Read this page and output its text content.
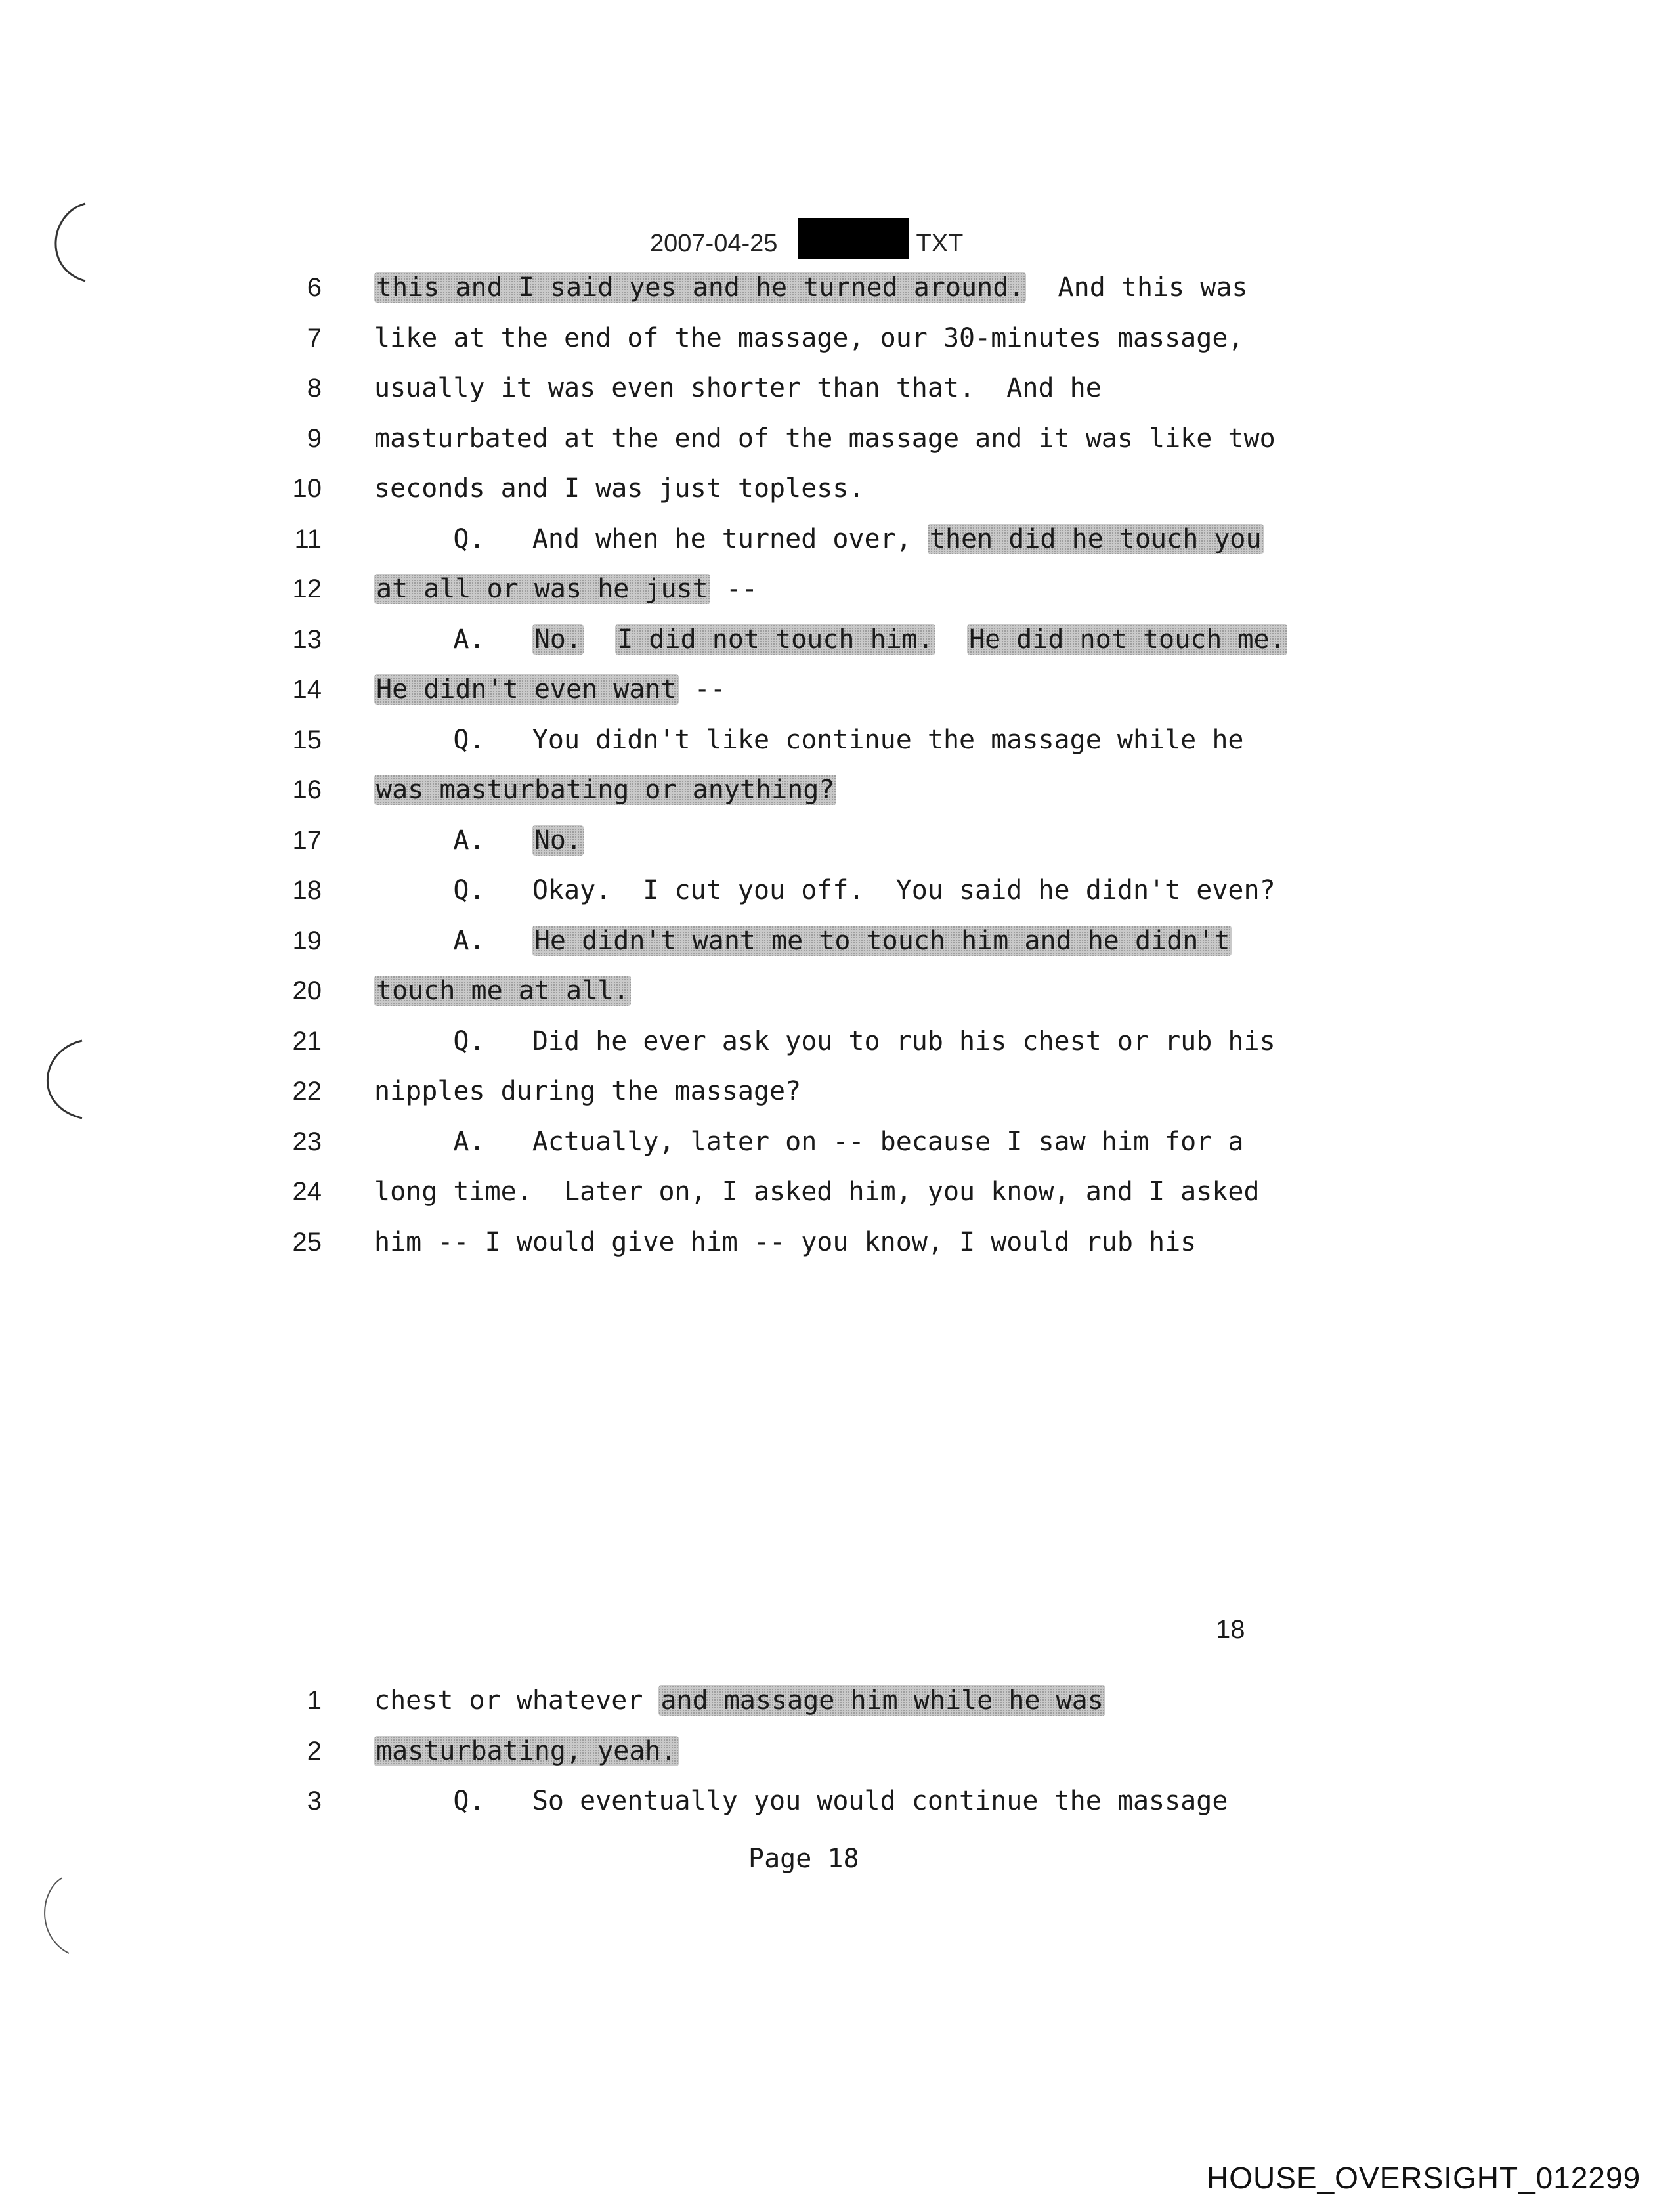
2007-04-25	TXT
6 this and I said yes and he turned around.  And this was
7 like at the end of the massage, our 30-minutes massage,
8 usually it was even shorter than that.  And he
9 masturbated at the end of the massage and it was like two
10 seconds and I was just topless.
11 Q.   And when he turned over, then did he touch you
12 at all or was he just --
13 A.   No. I did not touch him. He did not touch me.
14 He didn't even want --
15 Q.   You didn't like continue the massage while he
16 was masturbating or anything?
17 A.   No.
18 Q.   Okay.  I cut you off.  You said he didn't even?
19 A.   He didn't want me to touch him and he didn't
20 touch me at all.
21 Q.   Did he ever ask you to rub his chest or rub his
22 nipples during the massage?
23 A.   Actually, later on -- because I saw him for a
24 long time.  Later on, I asked him, you know, and I asked
25 him -- I would give him -- you know, I would rub his
18
1 chest or whatever and massage him while he was
2 masturbating, yeah.
3 Q.   So eventually you would continue the massage
Page 18
HOUSE_OVERSIGHT_012299
